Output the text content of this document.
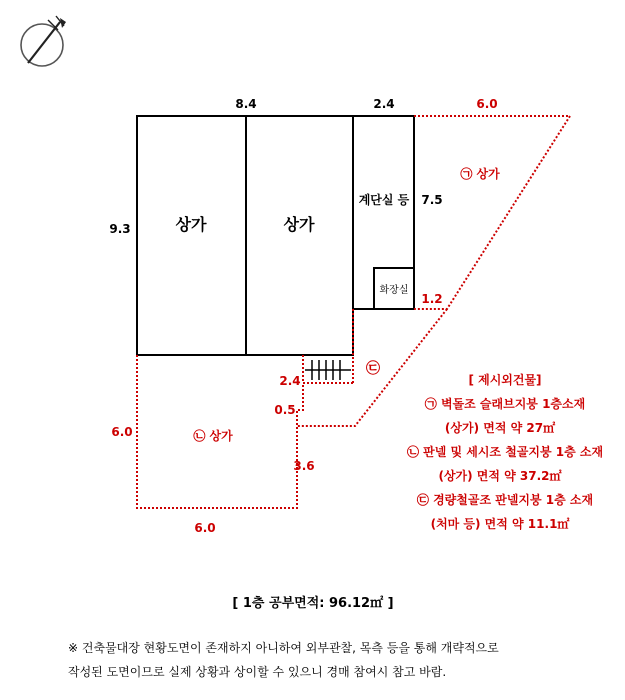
8.4	2.4	6.0
9.3
7.5
1.2
2.4
0.5
6.0
3.6
6.0
상가	상가
계단실 등
화장실
㉠ 상가
㉡ 상가
㉢
[ 제시외건물]
㉠ 벽돌조 슬래브지붕 1층소재
(상가) 면적 약 27㎡
㉡ 판넬 및 세시조 철골지붕 1층 소재
(상가) 면적 약 37.2㎡
㉢ 경량철골조 판넬지붕 1층 소재
(처마 등) 면적 약 11.1㎡
[ 1층 공부면적: 96.12㎡ ]
※ 건축물대장 현황도면이 존재하지 아니하여 외부관찰, 목측 등을 통해 개략적으로
작성된 도면이므로 실제 상황과 상이할 수 있으니 경매 참여시 참고 바람.
